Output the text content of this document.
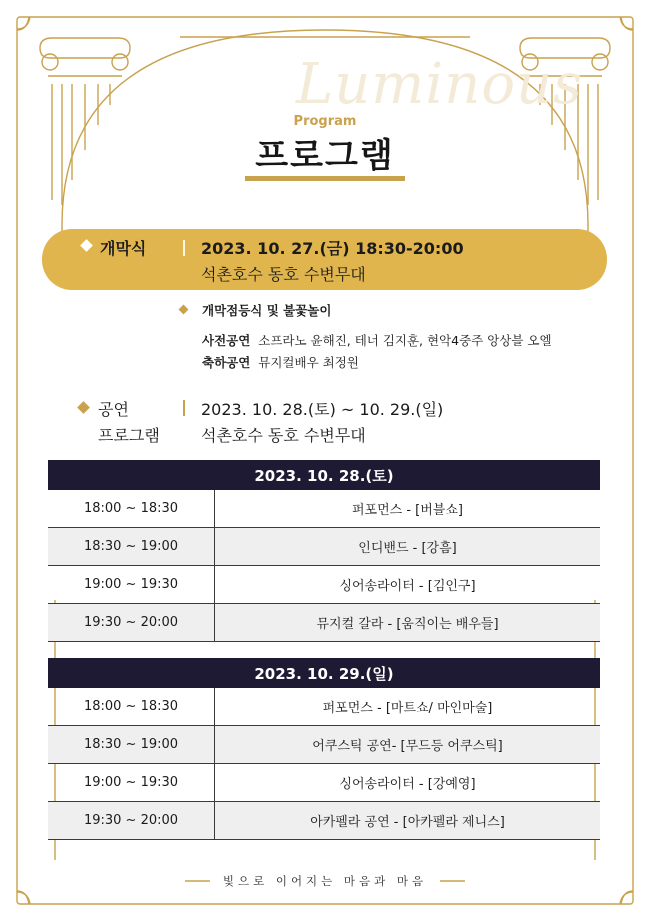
Luminous
Program
프로그램
개막식	2023. 10. 27.(금) 18:30-20:00
석촌호수 동호 수변무대
개막점등식 및 불꽃놀이
사전공연 소프라노 윤해진, 테너 김지훈, 현악4중주 앙상블 오엘
축하공연 뮤지컬배우 최정원
공연
프로그램
2023. 10. 28.(토) ~ 10. 29.(일)
석촌호수 동호 수변무대
2023. 10. 28.(토)	
18:00 ~ 18:30	퍼포먼스 - [버블쇼]
18:30 ~ 19:00	인디밴드 - [강흠]
19:00 ~ 19:30	싱어송라이터 - [김인구]
19:30 ~ 20:00	뮤지컬 갈라 - [움직이는 배우들]
2023. 10. 29.(일)	
18:00 ~ 18:30	퍼포먼스 - [마트쇼/ 마인마술]
18:30 ~ 19:00	어쿠스틱 공연- [무드등 어쿠스틱]
19:00 ~ 19:30	싱어송라이터 - [강예영]
19:30 ~ 20:00	아카펠라 공연 - [아카펠라 제니스]
빛으로 이어지는 마음과 마음
